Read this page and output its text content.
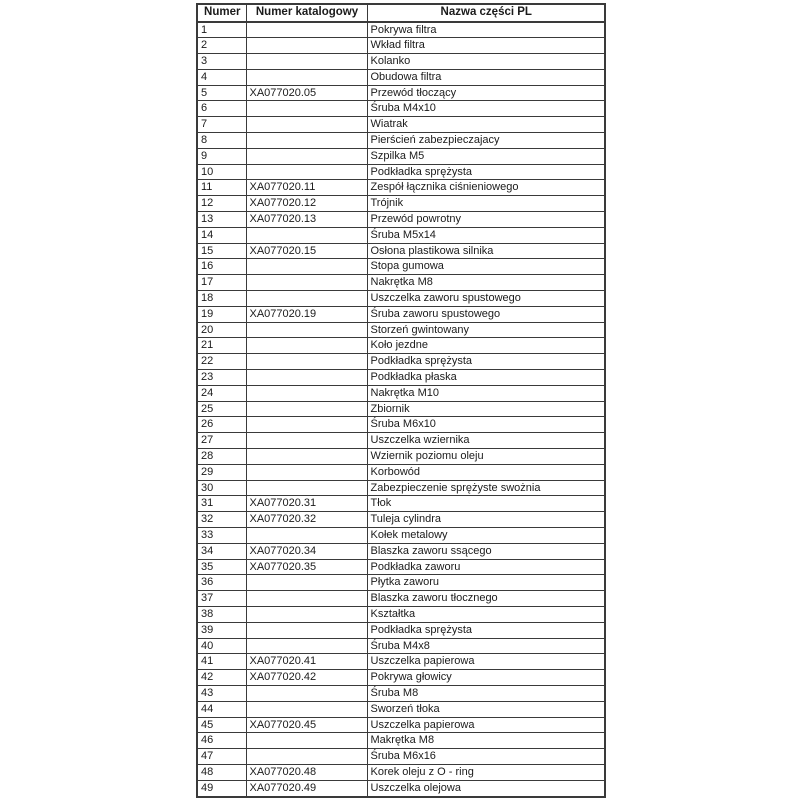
Numer	Numer katalogowy	Nazwa części PL
1		Pokrywa filtra
2		Wkład filtra
3		Kolanko
4		Obudowa filtra
5	XA077020.05	Przewód tłoczący
6		Śruba M4x10
7		Wiatrak
8		Pierścień zabezpieczajacy
9		Szpilka M5
10		Podkładka sprężysta
11	XA077020.11	Zespół łącznika ciśnieniowego
12	XA077020.12	Trójnik
13	XA077020.13	Przewód powrotny
14		Śruba M5x14
15	XA077020.15	Osłona plastikowa silnika
16		Stopa gumowa
17		Nakrętka M8
18		Uszczelka zaworu spustowego
19	XA077020.19	Śruba zaworu spustowego
20		Storzeń gwintowany
21		Koło jezdne
22		Podkładka sprężysta
23		Podkładka płaska
24		Nakrętka M10
25		Zbiornik
26		Śruba M6x10
27		Uszczelka wziernika
28		Wziernik poziomu oleju
29		Korbowód
30		Zabezpieczenie sprężyste swożnia
31	XA077020.31	Tłok
32	XA077020.32	Tuleja cylindra
33		Kołek metalowy
34	XA077020.34	Blaszka zaworu ssącego
35	XA077020.35	Podkładka zaworu
36		Płytka zaworu
37		Blaszka zaworu tłocznego
38		Kształtka
39		Podkładka sprężysta
40		Śruba M4x8
41	XA077020.41	Uszczelka papierowa
42	XA077020.42	Pokrywa głowicy
43		Śruba M8
44		Sworzeń tłoka
45	XA077020.45	Uszczelka papierowa
46		Makrętka M8
47		Śruba M6x16
48	XA077020.48	Korek oleju z O - ring
49	XA077020.49	Uszczelka olejowa
